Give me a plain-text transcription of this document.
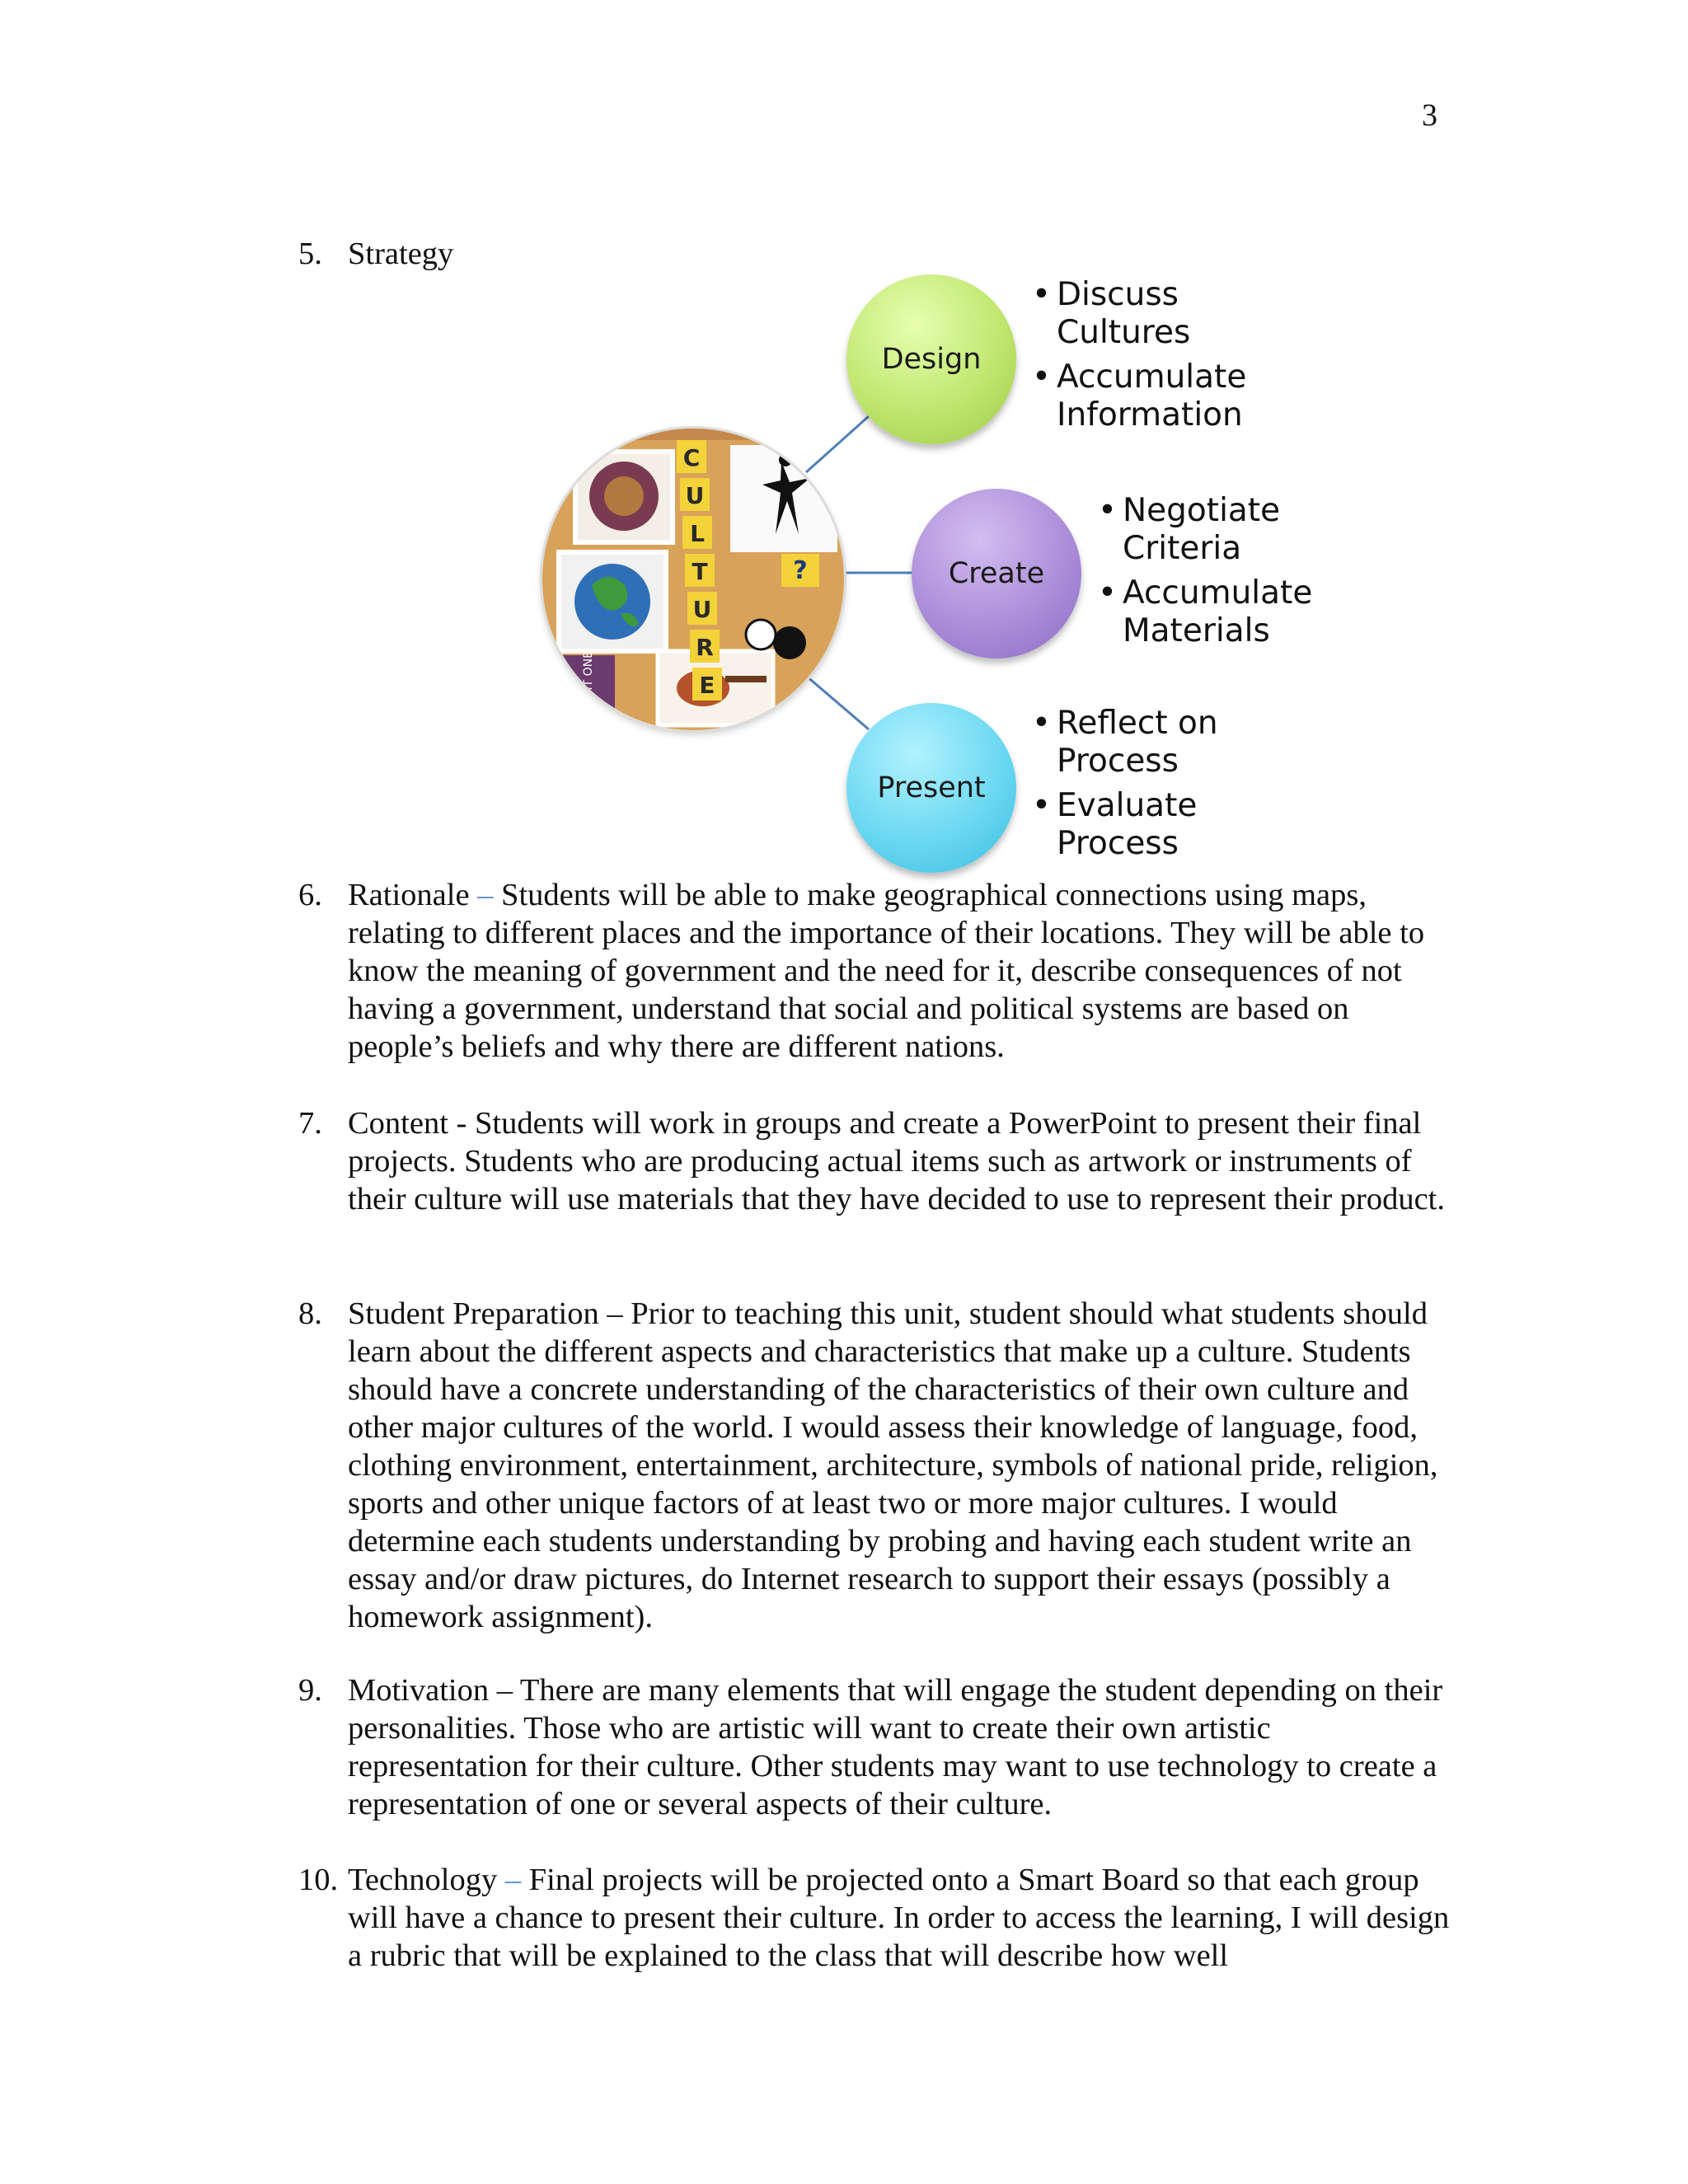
3
5. Strategy
ADMIT ONE
?
C
U
L
T
U
R
E
Design
• Discuss Cultures
• Accumulate Information
Create
• Negotiate Criteria
• Accumulate Materials
Present
• Reflect on Process
• Evaluate Process
6. Rationale – Students will be able to make geographical connections using maps, relating to different places and the importance of their locations. They will be able to know the meaning of government and the need for it, describe consequences of not having a government, understand that social and political systems are based on people’s beliefs and why there are different nations.
7. Content - Students will work in groups and create a PowerPoint to present their final projects. Students who are producing actual items such as artwork or instruments of their culture will use materials that they have decided to use to represent their product.
8. Student Preparation – Prior to teaching this unit, student should what students should learn about the different aspects and characteristics that make up a culture. Students should have a concrete understanding of the characteristics of their own culture and other major cultures of the world. I would assess their knowledge of language, food, clothing environment, entertainment, architecture, symbols of national pride, religion, sports and other unique factors of at least two or more major cultures. I would determine each students understanding by probing and having each student write an essay and/or draw pictures, do Internet research to support their essays (possibly a homework assignment).
9. Motivation – There are many elements that will engage the student depending on their personalities. Those who are artistic will want to create their own artistic representation for their culture. Other students may want to use technology to create a representation of one or several aspects of their culture.
10. Technology – Final projects will be projected onto a Smart Board so that each group will have a chance to present their culture. In order to access the learning, I will design a rubric that will be explained to the class that will describe how well
